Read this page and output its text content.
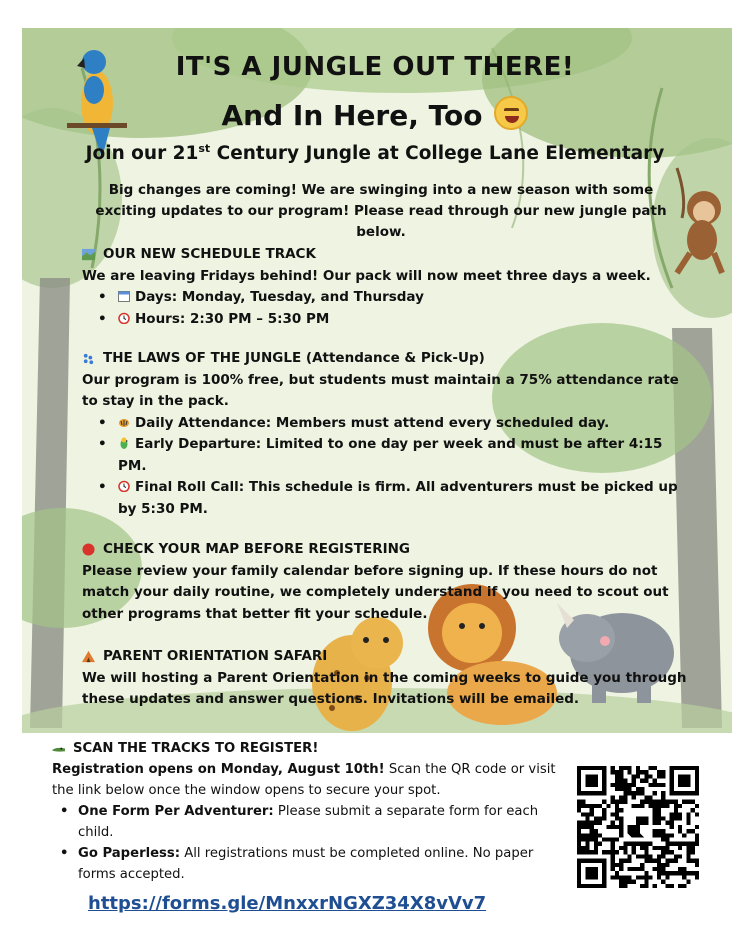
IT'S A JUNGLE OUT THERE!
And In Here, Too
Join our 21st Century Jungle at College Lane Elementary
Big changes are coming! We are swinging into a new season with some exciting updates to our program! Please read through our new jungle path below.
OUR NEW SCHEDULE TRACK
We are leaving Fridays behind! Our pack will now meet three days a week.
• Days: Monday, Tuesday, and Thursday
• Hours: 2:30 PM – 5:30 PM
THE LAWS OF THE JUNGLE (Attendance & Pick-Up)
Our program is 100% free, but students must maintain a 75% attendance rate to stay in the pack.
• Daily Attendance: Members must attend every scheduled day.
• Early Departure: Limited to one day per week and must be after 4:15 PM.
• Final Roll Call: This schedule is firm. All adventurers must be picked up by 5:30 PM.
CHECK YOUR MAP BEFORE REGISTERING
Please review your family calendar before signing up. If these hours do not match your daily routine, we completely understand if you need to scout out other programs that better fit your schedule.
PARENT ORIENTATION SAFARI
We will hosting a Parent Orientation in the coming weeks to guide you through these updates and answer questions. Invitations will be emailed.
SCAN THE TRACKS TO REGISTER!
Registration opens on Monday, August 10th! Scan the QR code or visit the link below once the window opens to secure your spot.
• One Form Per Adventurer: Please submit a separate form for each child.
• Go Paperless: All registrations must be completed online. No paper forms accepted.
https://forms.gle/MnxxrNGXZ34X8vVv7
